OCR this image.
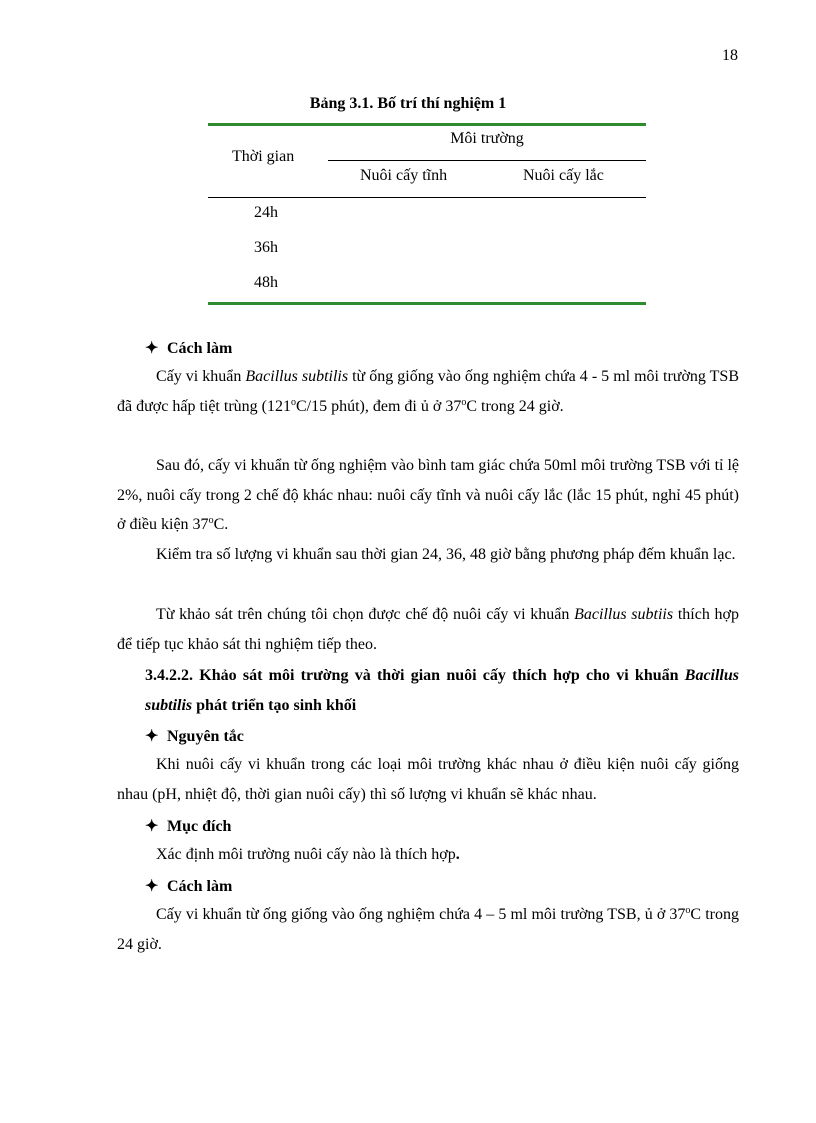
18
Bảng 3.1. Bố trí thí nghiệm 1
Thời gian
Môi trường
Nuôi cấy tĩnh	Nuôi cấy lắc
24h
36h
48h
✦ Cách làm

Cấy vi khuẩn Bacillus subtilis từ ống giống vào ống nghiệm chứa 4 - 5 ml môi trường TSB đã được hấp tiệt trùng (121$^o$C/15 phút), đem đi ủ ở 37$^o$C trong 24 giờ.

Sau đó, cấy vi khuẩn từ ống nghiệm vào bình tam giác chứa 50ml môi trường TSB với tỉ lệ 2%, nuôi cấy trong 2 chế độ khác nhau: nuôi cấy tĩnh và nuôi cấy lắc (lắc 15 phút, nghỉ 45 phút) ở điều kiện 37$^o$C.

Kiểm tra số lượng vi khuẩn sau thời gian 24, 36, 48 giờ bằng phương pháp đếm khuẩn lạc.

Từ khảo sát trên chúng tôi chọn được chế độ nuôi cấy vi khuẩn Bacillus subtiis thích hợp để tiếp tục khảo sát thi nghiệm tiếp theo.

3.4.2.2. Khảo sát môi trường và thời gian nuôi cấy thích hợp cho vi khuẩn Bacillus subtilis phát triển tạo sinh khối

✦ Nguyên tắc

Khi nuôi cấy vi khuẩn trong các loại môi trường khác nhau ở điều kiện nuôi cấy giống nhau (pH, nhiệt độ, thời gian nuôi cấy) thì số lượng vi khuẩn sẽ khác nhau.

✦ Mục đích

Xác định môi trường nuôi cấy nào là thích hợp.

✦ Cách làm

Cấy vi khuẩn từ ống giống vào ống nghiệm chứa 4 – 5 ml môi trường TSB, ủ ở 37$^o$C trong 24 giờ.
